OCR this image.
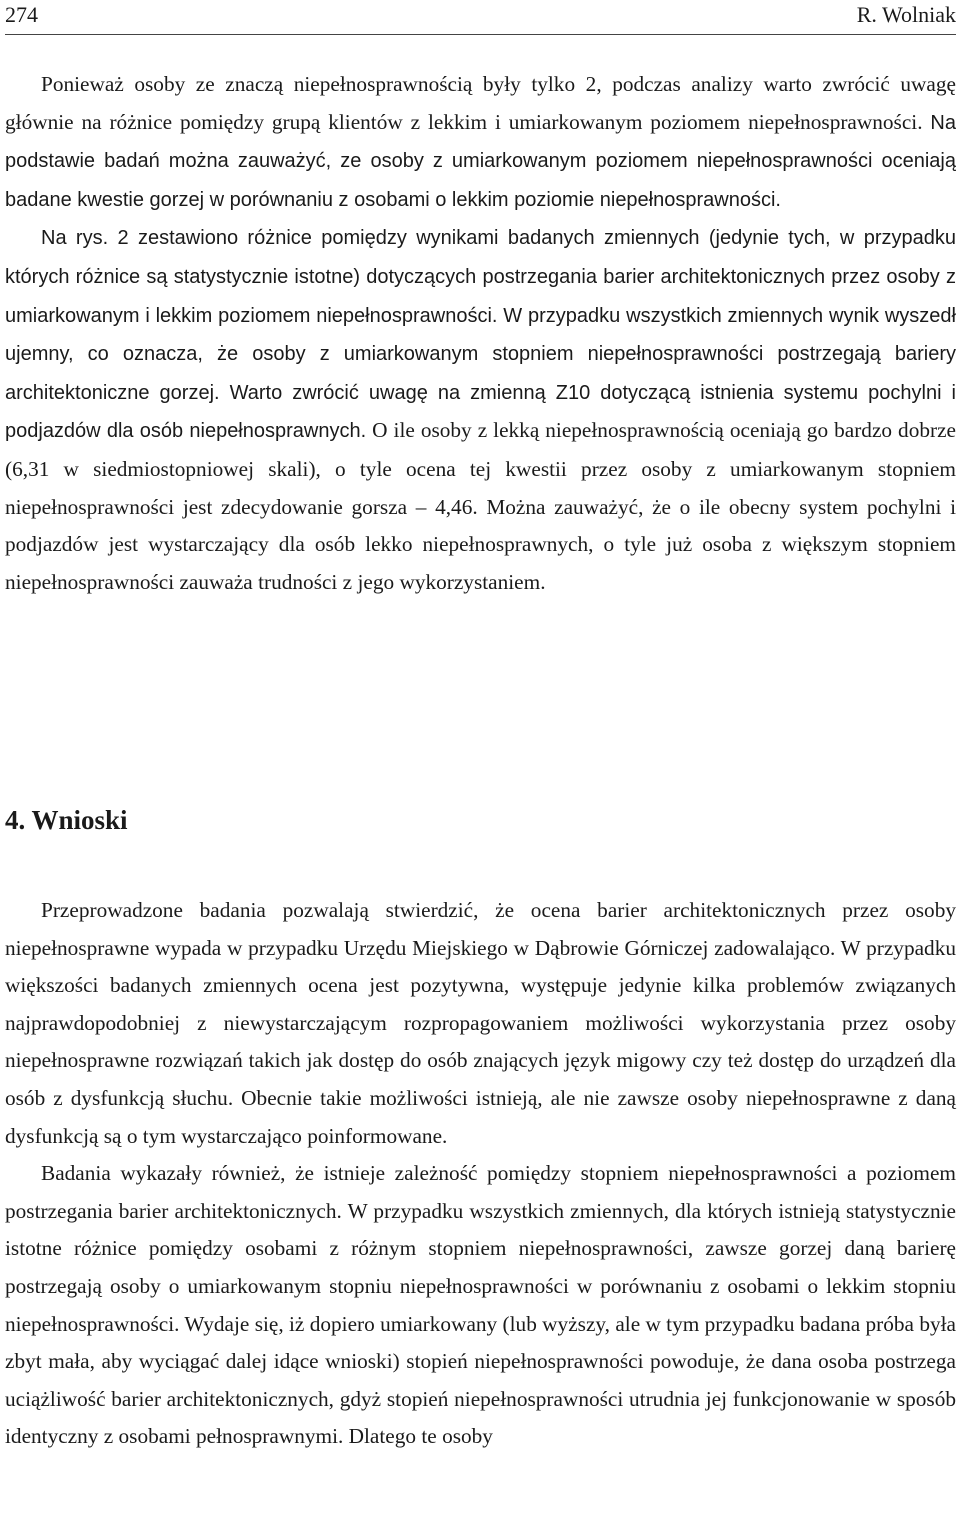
274	R. Wolniak

Ponieważ osoby ze znaczą niepełnosprawnością były tylko 2, podczas analizy warto zwrócić uwagę głównie na różnice pomiędzy grupą klientów z lekkim i umiarkowanym poziomem niepełnosprawności. Na podstawie badań można zauważyć, ze osoby z umiarkowanym poziomem niepełnosprawności oceniają badane kwestie gorzej w porównaniu z osobami o lekkim poziomie niepełnosprawności.

Na rys. 2 zestawiono różnice pomiędzy wynikami badanych zmiennych (jedynie tych, w przypadku których różnice są statystycznie istotne) dotyczących postrzegania barier architektonicznych przez osoby z umiarkowanym i lekkim poziomem niepełnosprawności. W przypadku wszystkich zmiennych wynik wyszedł ujemny, co oznacza, że osoby z umiarkowanym stopniem niepełnosprawności postrzegają bariery architektoniczne gorzej. Warto zwrócić uwagę na zmienną Z10 dotyczącą istnienia systemu pochylni i podjazdów dla osób niepełnosprawnych. O ile osoby z lekką niepełnosprawnością oceniają go bardzo dobrze (6,31 w siedmiostopniowej skali), o tyle ocena tej kwestii przez osoby z umiarkowanym stopniem niepełnosprawności jest zdecydowanie gorsza – 4,46. Można zauważyć, że o ile obecny system pochylni i podjazdów jest wystarczający dla osób lekko niepełnosprawnych, o tyle już osoba z większym stopniem niepełnosprawności zauważa trudności z jego wykorzystaniem.

4. Wnioski

Przeprowadzone badania pozwalają stwierdzić, że ocena barier architektonicznych przez osoby niepełnosprawne wypada w przypadku Urzędu Miejskiego w Dąbrowie Górniczej zadowalająco. W przypadku większości badanych zmiennych ocena jest pozytywna, występuje jedynie kilka problemów związanych najprawdopodobniej z niewystarczającym rozpropagowaniem możliwości wykorzystania przez osoby niepełnosprawne rozwiązań takich jak dostęp do osób znających język migowy czy też dostęp do urządzeń dla osób z dysfunkcją słuchu. Obecnie takie możliwości istnieją, ale nie zawsze osoby niepełnosprawne z daną dysfunkcją są o tym wystarczająco poinformowane.

Badania wykazały również, że istnieje zależność pomiędzy stopniem niepełnosprawności a poziomem postrzegania barier architektonicznych. W przypadku wszystkich zmiennych, dla których istnieją statystycznie istotne różnice pomiędzy osobami z różnym stopniem niepełnosprawności, zawsze gorzej daną barierę postrzegają osoby o umiarkowanym stopniu niepełnosprawności w porównaniu z osobami o lekkim stopniu niepełnosprawności. Wydaje się, iż dopiero umiarkowany (lub wyższy, ale w tym przypadku badana próba była zbyt mała, aby wyciągać dalej idące wnioski) stopień niepełnosprawności powoduje, że dana osoba postrzega uciążliwość barier architektonicznych, gdyż stopień niepełnosprawności utrudnia jej funkcjonowanie w sposób identyczny z osobami pełnosprawnymi. Dlatego te osoby
